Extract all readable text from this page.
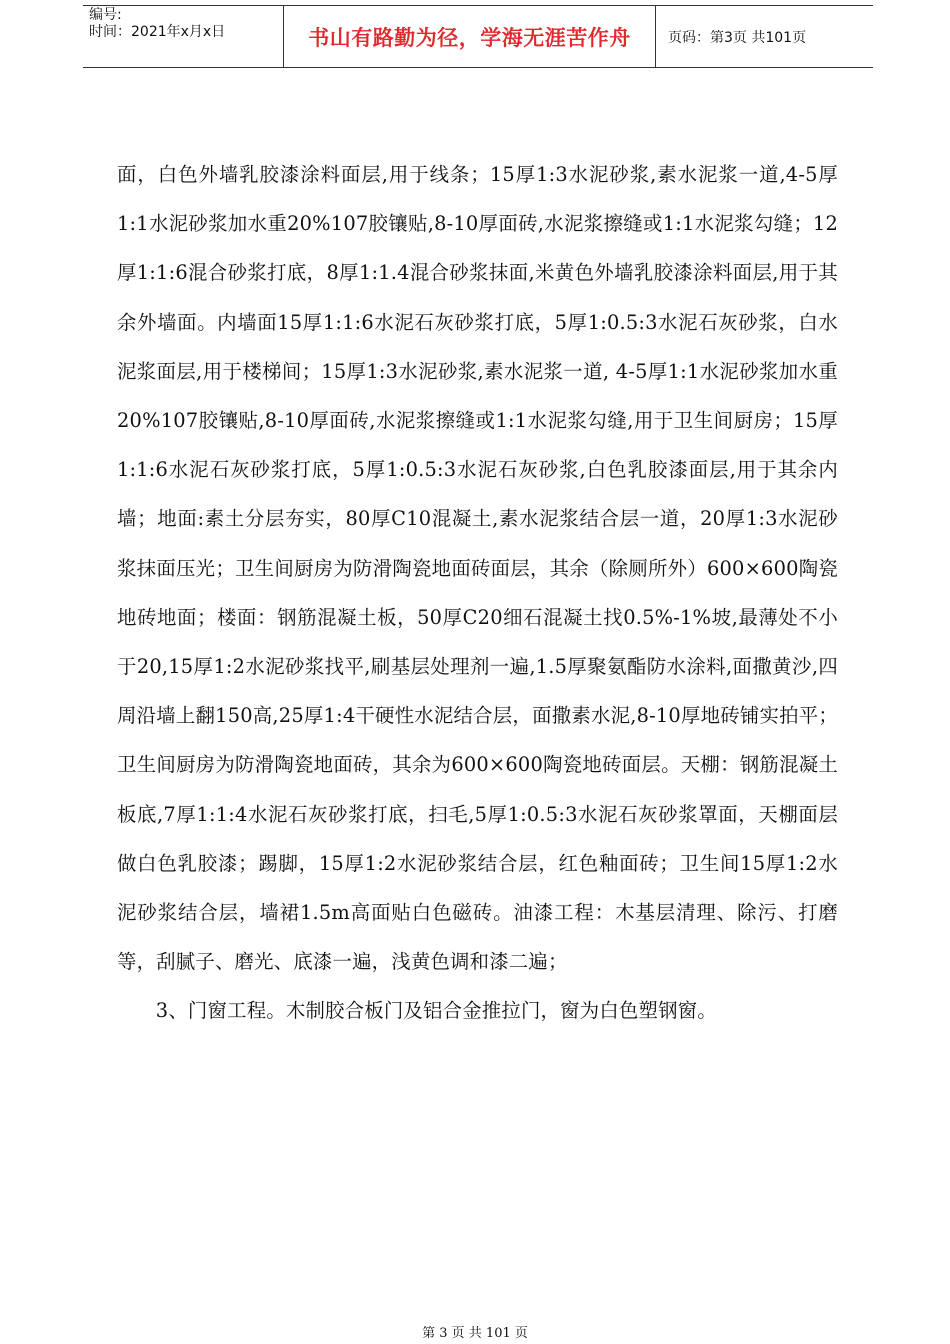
编号:
时间：2021年x月x日	书山有路勤为径，学海无涯苦作舟	页码：第3页 共101页

面，白色外墙乳胶漆涂料面层,用于线条；15厚1:3水泥砂浆,素水泥浆一道,4-5厚1:1水泥砂浆加水重20%107胶镶贴,8-10厚面砖,水泥浆擦缝或1:1水泥浆勾缝；12厚1:1:6混合砂浆打底，8厚1:1.4混合砂浆抹面,米黄色外墙乳胶漆涂料面层,用于其余外墙面。内墙面15厚1:1:6水泥石灰砂浆打底，5厚1:0.5:3水泥石灰砂浆，白水泥浆面层,用于楼梯间；15厚1:3水泥砂浆,素水泥浆一道, 4-5厚1:1水泥砂浆加水重20%107胶镶贴,8-10厚面砖,水泥浆擦缝或1:1水泥浆勾缝,用于卫生间厨房；15厚1:1:6水泥石灰砂浆打底，5厚1:0.5:3水泥石灰砂浆,白色乳胶漆面层,用于其余内墙；地面:素土分层夯实，80厚C10混凝土,素水泥浆结合层一道，20厚1:3水泥砂浆抹面压光；卫生间厨房为防滑陶瓷地面砖面层，其余（除厕所外）600×600陶瓷地砖地面；楼面：钢筋混凝土板，50厚C20细石混凝土找0.5%-1%坡,最薄处不小于20,15厚1:2水泥砂浆找平,刷基层处理剂一遍,1.5厚聚氨酯防水涂料,面撒黄沙,四周沿墙上翻150高,25厚1:4干硬性水泥结合层，面撒素水泥,8-10厚地砖铺实拍平；卫生间厨房为防滑陶瓷地面砖，其余为600×600陶瓷地砖面层。天棚：钢筋混凝土板底,7厚1:1:4水泥石灰砂浆打底，扫毛,5厚1:0.5:3水泥石灰砂浆罩面，天棚面层做白色乳胶漆；踢脚，15厚1:2水泥砂浆结合层，红色釉面砖；卫生间15厚1:2水泥砂浆结合层，墙裙1.5m高面贴白色磁砖。油漆工程：木基层清理、除污、打磨等，刮腻子、磨光、底漆一遍，浅黄色调和漆二遍；

3、门窗工程。木制胶合板门及铝合金推拉门，窗为白色塑钢窗。

第 3 页 共 101 页
